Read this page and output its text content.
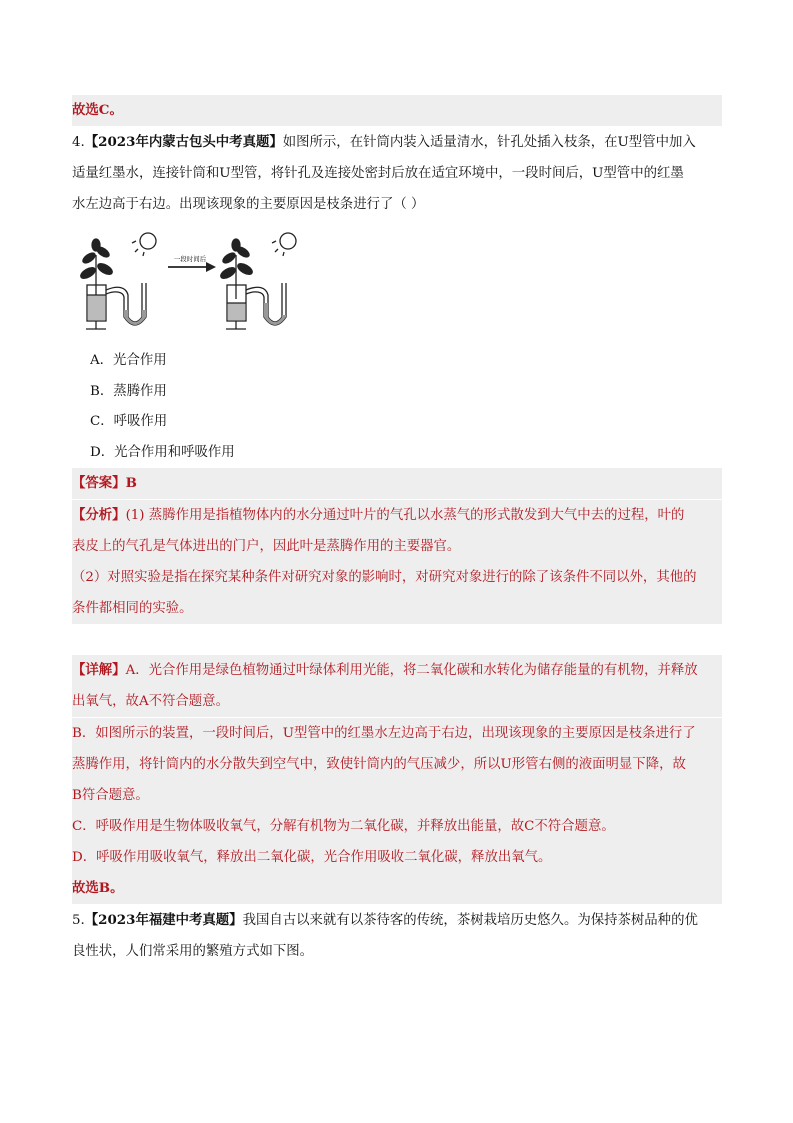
故选C。
4.【2023年内蒙古包头中考真题】如图所示，在针筒内装入适量清水，针孔处插入枝条，在U型管中加入
适量红墨水，连接针筒和U型管，将针孔及连接处密封后放在适宜环境中，一段时间后，U型管中的红墨
水左边高于右边。出现该现象的主要原因是枝条进行了（ ）
一段时间后
A．光合作用
B．蒸腾作用
C．呼吸作用
D．光合作用和呼吸作用
【答案】B
【分析】(1) 蒸腾作用是指植物体内的水分通过叶片的气孔以水蒸气的形式散发到大气中去的过程，叶的
表皮上的气孔是气体进出的门户，因此叶是蒸腾作用的主要器官。
（2）对照实验是指在探究某种条件对研究对象的影响时，对研究对象进行的除了该条件不同以外，其他的
条件都相同的实验。
【详解】A．光合作用是绿色植物通过叶绿体利用光能，将二氧化碳和水转化为储存能量的有机物，并释放
出氧气，故A不符合题意。
B．如图所示的装置，一段时间后，U型管中的红墨水左边高于右边，出现该现象的主要原因是枝条进行了
蒸腾作用，将针筒内的水分散失到空气中，致使针筒内的气压减少，所以U形管右侧的液面明显下降，故
B符合题意。
C．呼吸作用是生物体吸收氧气，分解有机物为二氧化碳，并释放出能量，故C不符合题意。
D．呼吸作用吸收氧气，释放出二氧化碳，光合作用吸收二氧化碳，释放出氧气。
故选B。
5.【2023年福建中考真题】我国自古以来就有以茶待客的传统，茶树栽培历史悠久。为保持茶树品种的优
良性状，人们常采用的繁殖方式如下图。
